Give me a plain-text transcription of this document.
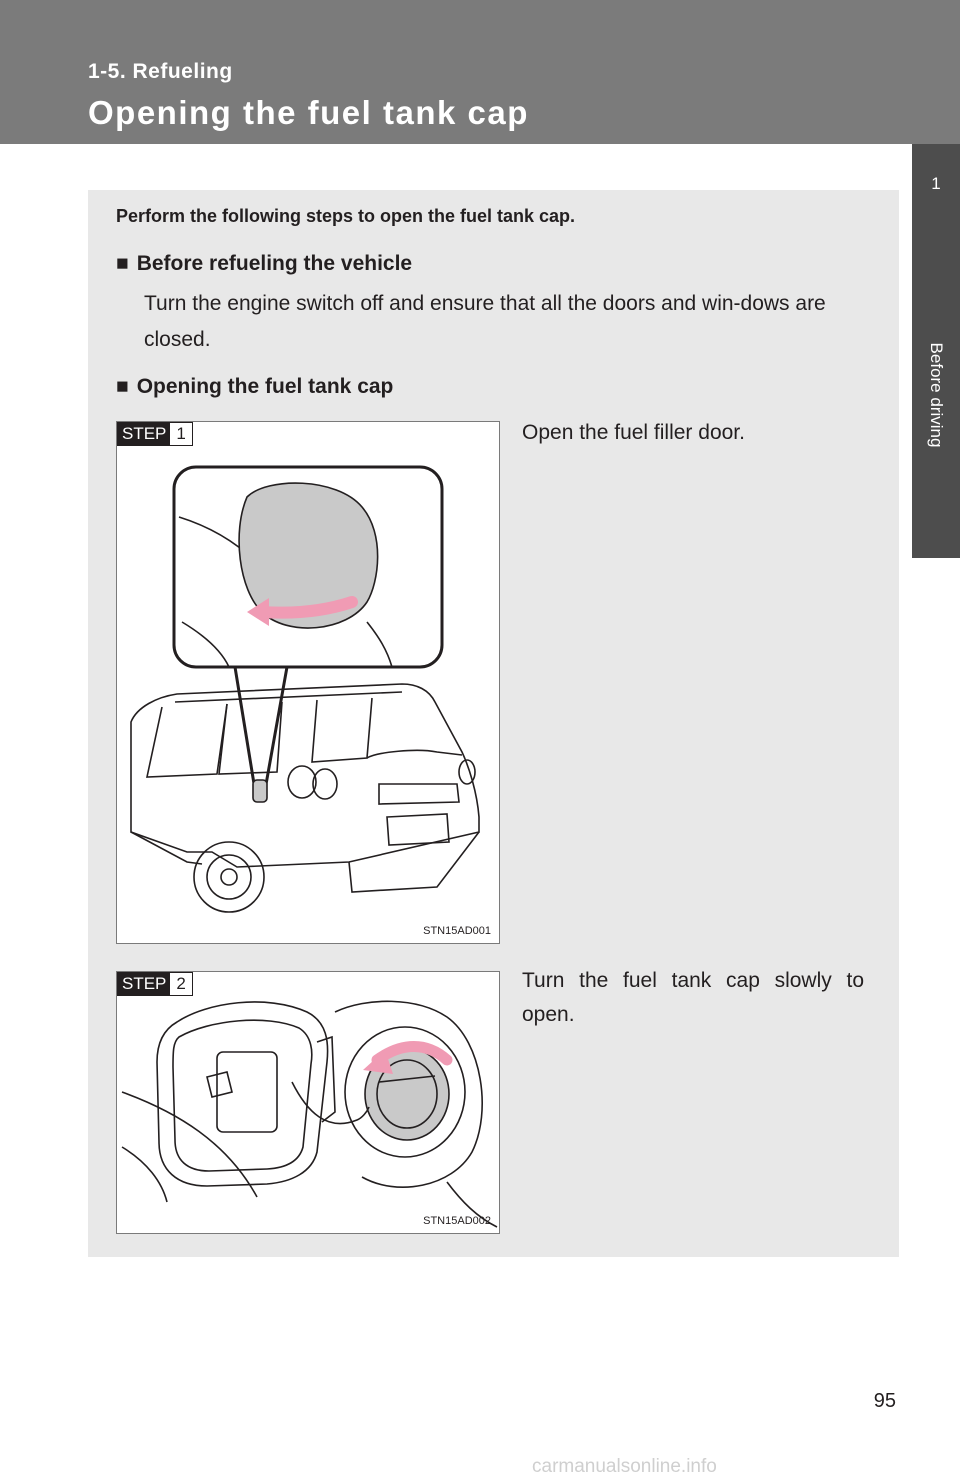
1-5. Refueling
Opening the fuel tank cap
1
Before driving
Perform the following steps to open the fuel tank cap.
■ Before refueling the vehicle
Turn the engine switch off and ensure that all the doors and win-dows are closed.
■ Opening the fuel tank cap
STEP 1
STN15AD001
Open the fuel filler door.
STEP 2
STN15AD002
Turn the fuel tank cap slowly to open.
95
carmanualsonline.info
